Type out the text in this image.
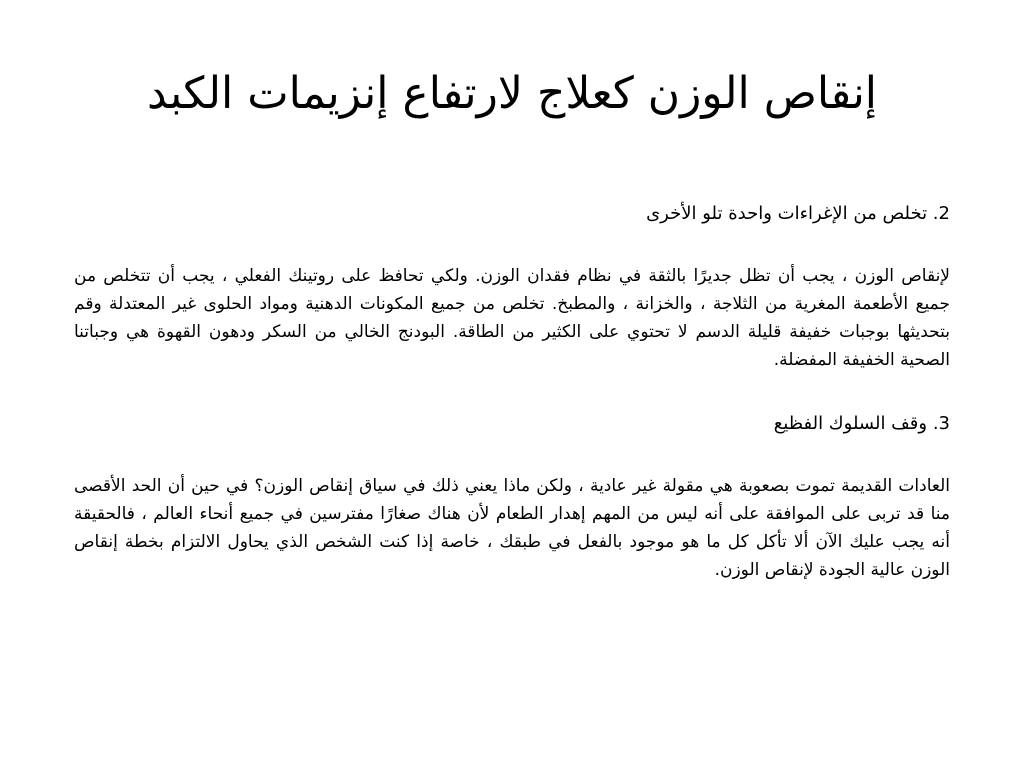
إنقاص الوزن كعلاج لارتفاع إنزيمات الكبد

2. تخلص من الإغراءات واحدة تلو الأخرى

لإنقاص الوزن ، يجب أن تظل جديرًا بالثقة في نظام فقدان الوزن. ولكي تحافظ على روتينك الفعلي ، يجب أن تتخلص من جميع الأطعمة المغرية من الثلاجة ، والخزانة ، والمطبخ. تخلص من جميع المكونات الدهنية ومواد الحلوى غير المعتدلة وقم بتحديثها بوجبات خفيفة قليلة الدسم لا تحتوي على الكثير من الطاقة. البودنج الخالي من السكر ودهون القهوة هي وجباتنا الصحية الخفيفة المفضلة.

3. وقف السلوك الفظيع

العادات القديمة تموت بصعوبة هي مقولة غير عادية ، ولكن ماذا يعني ذلك في سياق إنقاص الوزن؟ في حين أن الحد الأقصى منا قد تربى على الموافقة على أنه ليس من المهم إهدار الطعام لأن هناك صغارًا مفترسين في جميع أنحاء العالم ، فالحقيقة أنه يجب عليك الآن ألا تأكل كل ما هو موجود بالفعل في طبقك ، خاصة إذا كنت الشخص الذي يحاول الالتزام بخطة إنقاص الوزن عالية الجودة لإنقاص الوزن.
